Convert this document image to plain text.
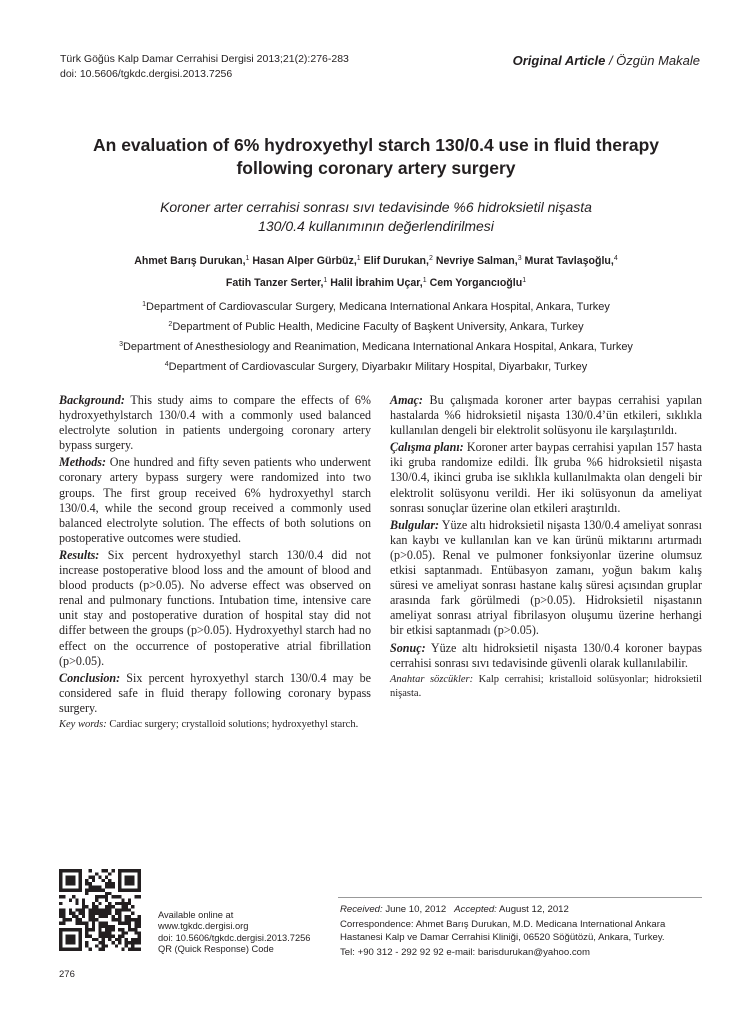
Türk Göğüs Kalp Damar Cerrahisi Dergisi 2013;21(2):276-283
doi: 10.5606/tgkdc.dergisi.2013.7256
Original Article / Özgün Makale
An evaluation of 6% hydroxyethyl starch 130/0.4 use in fluid therapy
following coronary artery surgery
Koroner arter cerrahisi sonrası sıvı tedavisinde %6 hidroksietil nişasta
130/0.4 kullanımının değerlendirilmesi
Ahmet Barış Durukan,$^1$ Hasan Alper Gürbüz,$^1$ Elif Durukan,$^2$ Nevriye Salman,$^3$ Murat Tavlaşoğlu,$^4$
Fatih Tanzer Serter,$^1$ Halil İbrahim Uçar,$^1$ Cem Yorgancıoğlu$^1$
$^1$Department of Cardiovascular Surgery, Medicana International Ankara Hospital, Ankara, Turkey
$^2$Department of Public Health, Medicine Faculty of Başkent University, Ankara, Turkey
$^3$Department of Anesthesiology and Reanimation, Medicana International Ankara Hospital, Ankara, Turkey
$^4$Department of Cardiovascular Surgery, Diyarbakır Military Hospital, Diyarbakır, Turkey

Background: This study aims to compare the effects of 6% hydroxyethylstarch 130/0.4 with a commonly used balanced electrolyte solution in patients undergoing coronary artery bypass surgery.

Methods: One hundred and fifty seven patients who underwent coronary artery bypass surgery were randomized into two groups. The first group received 6% hydroxyethyl starch 130/0.4, while the second group received a commonly used balanced electrolyte solution. The effects of both solutions on postoperative outcomes were studied.

Results: Six percent hydroxyethyl starch 130/0.4 did not increase postoperative blood loss and the amount of blood and blood products (p>0.05). No adverse effect was observed on renal and pulmonary functions. Intubation time, intensive care unit stay and postoperative duration of hospital stay did not differ between the groups (p>0.05). Hydroxyethyl starch had no effect on the occurrence of postoperative atrial fibrillation (p>0.05).

Conclusion: Six percent hyroxyethyl starch 130/0.4 may be considered safe in fluid therapy following coronary bypass surgery.

Key words: Cardiac surgery; crystalloid solutions; hydroxyethyl starch.

Amaç: Bu çalışmada koroner arter baypas cerrahisi yapılan hastalarda %6 hidroksietil nişasta 130/0.4’ün etkileri, sıklıkla kullanılan dengeli bir elektrolit solüsyonu ile karşılaştırıldı.

Çalışma planı: Koroner arter baypas cerrahisi yapılan 157 hasta iki gruba randomize edildi. İlk gruba %6 hidroksietil nişasta 130/0.4, ikinci gruba ise sıklıkla kullanılmakta olan dengeli bir elektrolit solüsyonu verildi. Her iki solüsyonun da ameliyat sonrası sonuçlar üzerine olan etkileri araştırıldı.

Bulgular: Yüze altı hidroksietil nişasta 130/0.4 ameliyat sonrası kan kaybı ve kullanılan kan ve kan ürünü miktarını artırmadı (p>0.05). Renal ve pulmoner fonksiyonlar üzerine olumsuz etkisi saptanmadı. Entübasyon zamanı, yoğun bakım kalış süresi ve ameliyat sonrası hastane kalış süresi açısından gruplar arasında fark görülmedi (p>0.05). Hidroksietil nişastanın ameliyat sonrası atriyal fibrilasyon oluşumu üzerine herhangi bir etkisi saptanmadı (p>0.05).

Sonuç: Yüze altı hidroksietil nişasta 130/0.4 koroner baypas cerrahisi sonrası sıvı tedavisinde güvenli olarak kullanılabilir.

Anahtar sözcükler: Kalp cerrahisi; kristalloid solüsyonlar; hidroksietil nişasta.
Available online at
www.tgkdc.dergisi.org
doi: 10.5606/tgkdc.dergisi.2013.7256
QR (Quick Response) Code
Received: June 10, 2012 Accepted: August 12, 2012
Correspondence: Ahmet Barış Durukan, M.D. Medicana International Ankara Hastanesi Kalp ve Damar Cerrahisi Kliniği, 06520 Söğütözü, Ankara, Turkey.
Tel: +90 312 - 292 92 92 e-mail: barisdurukan@yahoo.com
276
